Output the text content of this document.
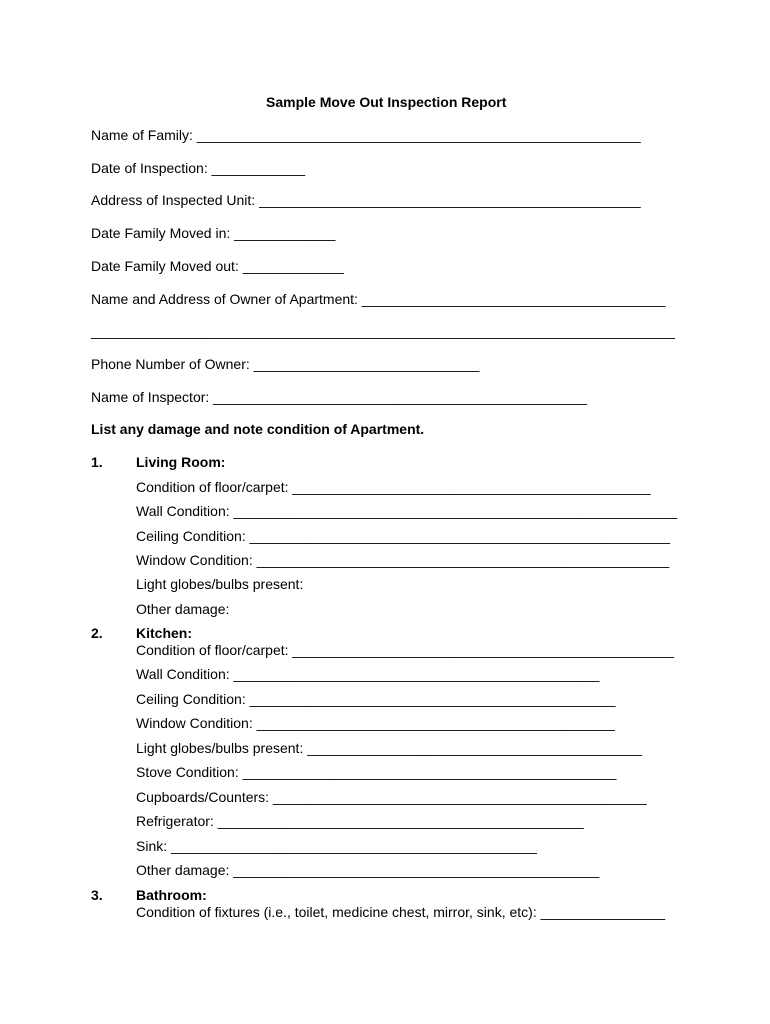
Sample Move Out Inspection Report
Name of Family: _________________________________________________________
Date of Inspection: ____________
Address of Inspected Unit: _________________________________________________
Date Family Moved in: _____________
Date Family Moved out: _____________
Name and Address of Owner of Apartment: _______________________________________
___________________________________________________________________________
Phone Number of Owner: _____________________________
Name of Inspector: ________________________________________________
List any damage and note condition of Apartment.
1. Living Room:
Condition of floor/carpet: ______________________________________________
Wall Condition: _________________________________________________________
Ceiling Condition: ______________________________________________________
Window Condition: _____________________________________________________
Light globes/bulbs present:
Other damage:
2. Kitchen:
Condition of floor/carpet: _________________________________________________
Wall Condition: _______________________________________________
Ceiling Condition: _______________________________________________
Window Condition: ______________________________________________
Light globes/bulbs present: ___________________________________________
Stove Condition: ________________________________________________
Cupboards/Counters: ________________________________________________
Refrigerator: _______________________________________________
Sink: _______________________________________________
Other damage: _______________________________________________
3. Bathroom:
Condition of fixtures (i.e., toilet, medicine chest, mirror, sink, etc): ________________
